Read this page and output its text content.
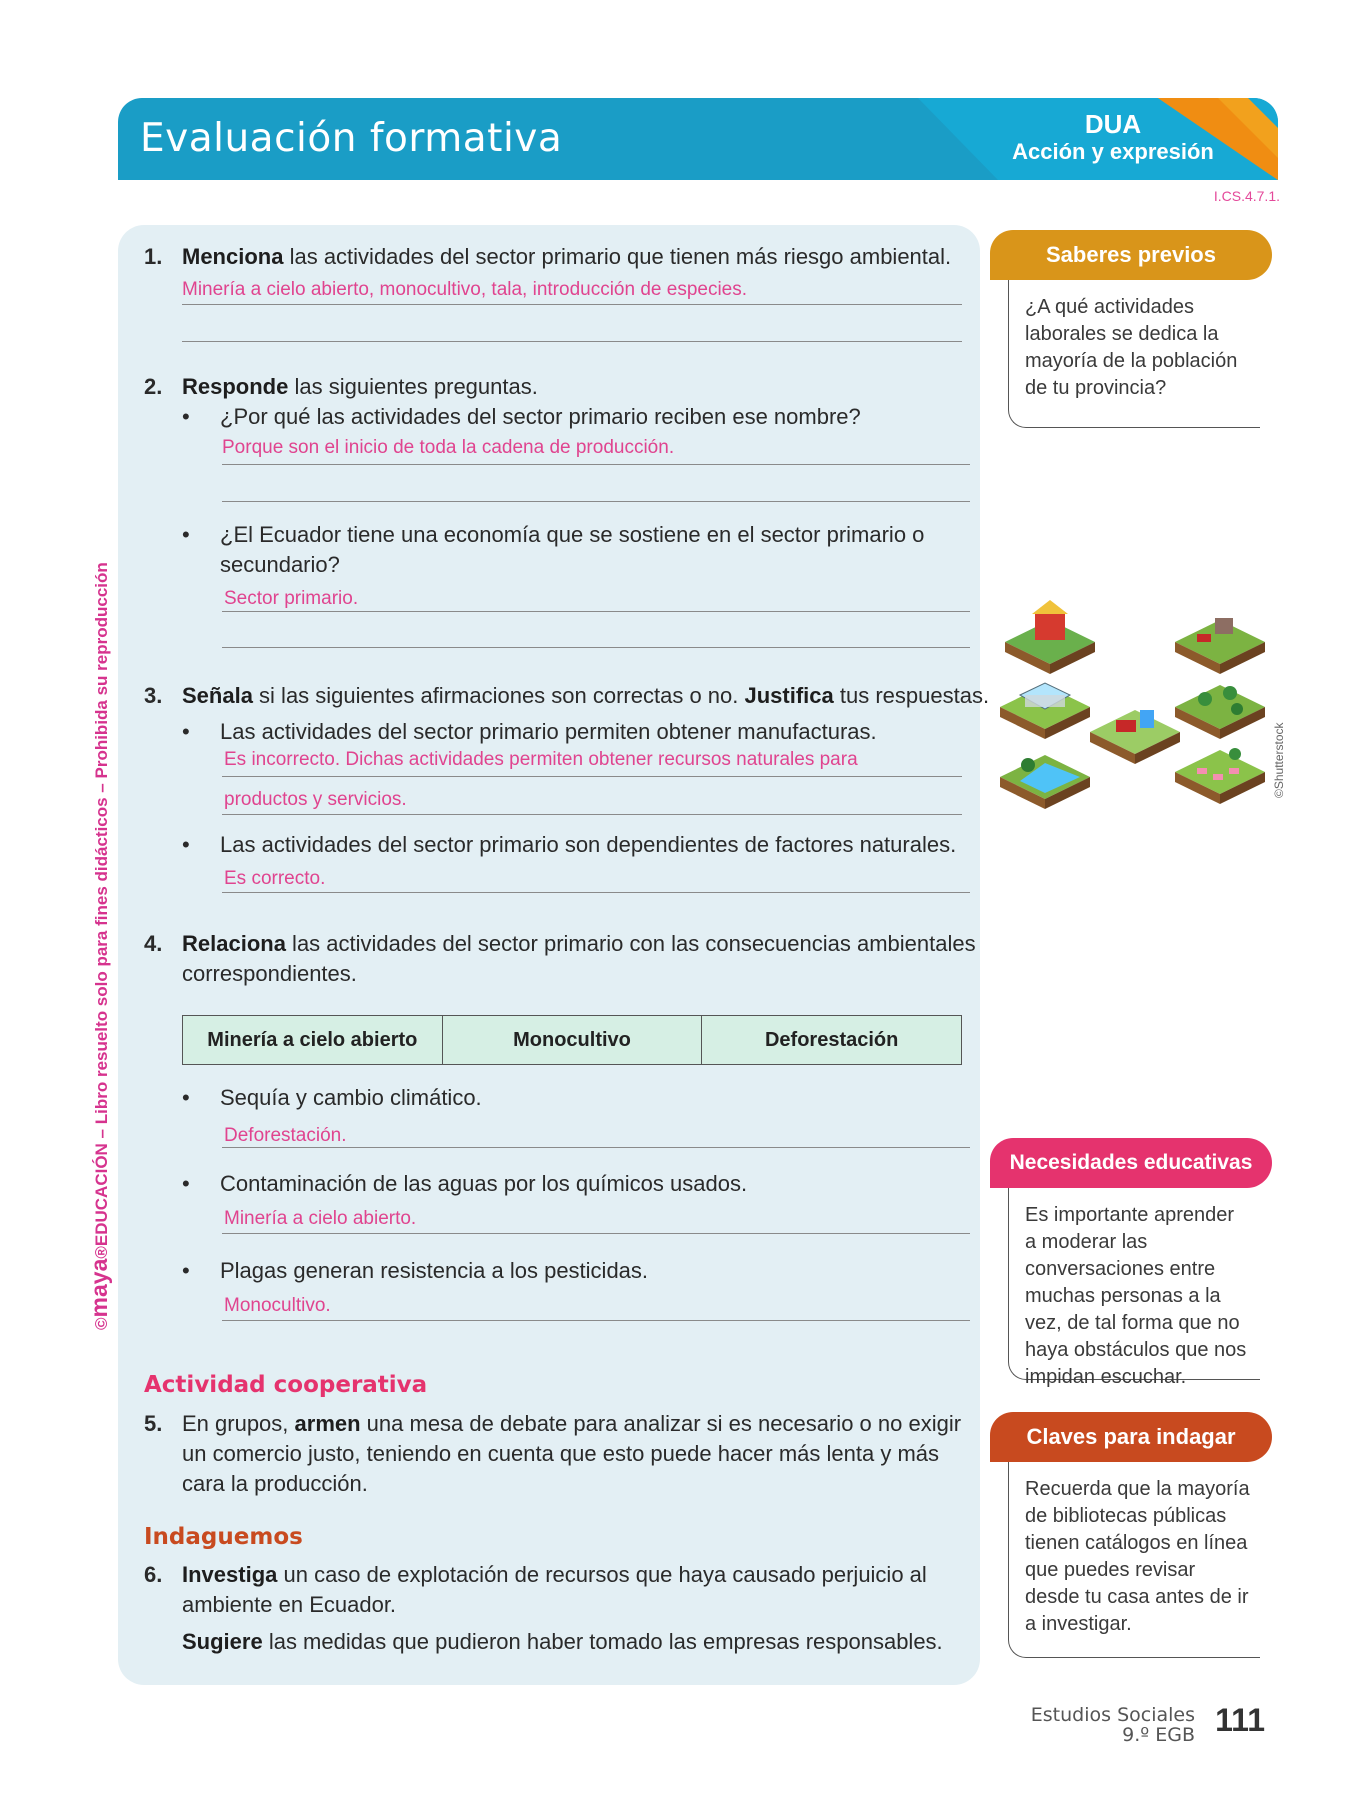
Evaluación formativa	DUA
Acción y expresión
I.CS.4.7.1.
©maya®EDUCACIÓN – Libro resuelto solo para fines didácticos – Prohibida su reproducción
1. Menciona las actividades del sector primario que tienen más riesgo ambiental.
Minería a cielo abierto, monocultivo, tala, introducción de especies.
2. Responde las siguientes preguntas.
• ¿Por qué las actividades del sector primario reciben ese nombre?
Porque son el inicio de toda la cadena de producción.
• ¿El Ecuador tiene una economía que se sostiene en el sector primario o
secundario?
Sector primario.
3. Señala si las siguientes afirmaciones son correctas o no. Justifica tus respuestas.
• Las actividades del sector primario permiten obtener manufacturas.
Es incorrecto. Dichas actividades permiten obtener recursos naturales para
productos y servicios.
• Las actividades del sector primario son dependientes de factores naturales.
Es correcto.
4. Relaciona las actividades del sector primario con las consecuencias ambientales
correspondientes.
Minería a cielo abierto	Monocultivo	Deforestación
• Sequía y cambio climático.
Deforestación.
• Contaminación de las aguas por los químicos usados.
Minería a cielo abierto.
• Plagas generan resistencia a los pesticidas.
Monocultivo.
Actividad cooperativa
5. En grupos, armen una mesa de debate para analizar si es necesario o no exigir
un comercio justo, teniendo en cuenta que esto puede hacer más lenta y más
cara la producción.
Indaguemos
6. Investiga un caso de explotación de recursos que haya causado perjuicio al
ambiente en Ecuador.
Sugiere las medidas que pudieron haber tomado las empresas responsables.
Saberes previos
¿A qué actividades laborales se dedica la mayoría de la población de tu provincia?
©Shutterstock
Necesidades educativas
Es importante aprender a moderar las conversaciones entre muchas personas a la vez, de tal forma que no haya obstáculos que nos impidan escuchar.
Claves para indagar
Recuerda que la mayoría de bibliotecas públicas tienen catálogos en línea que puedes revisar desde tu casa antes de ir a investigar.
Estudios Sociales
9.º EGB 111
